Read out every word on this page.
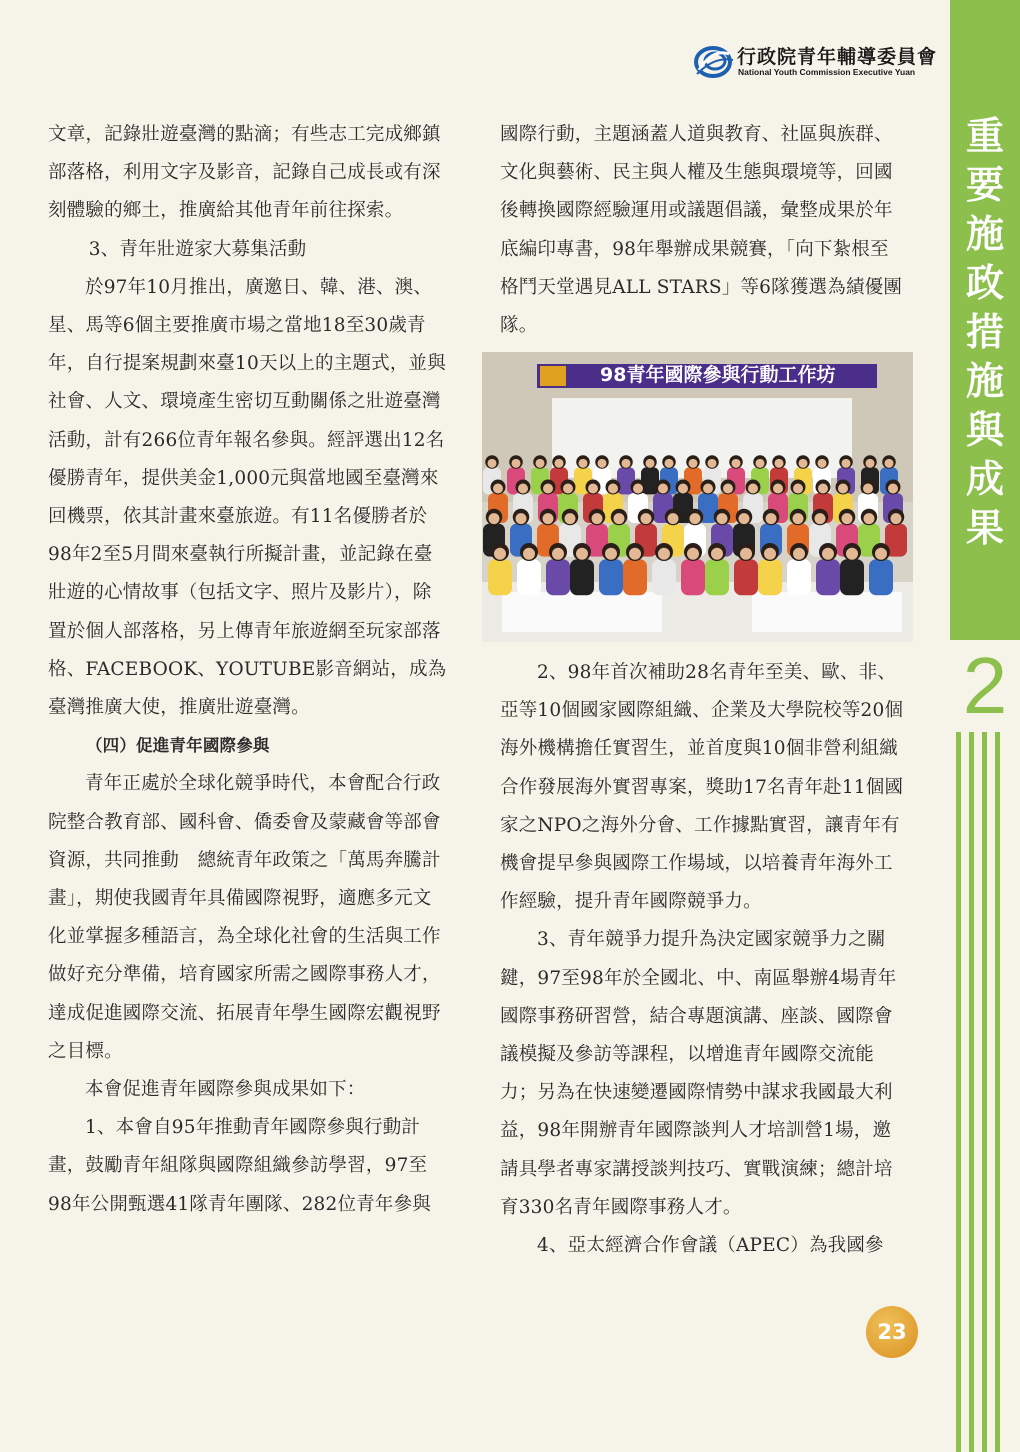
行政院青年輔導委員會
National Youth Commission Executive Yuan
重
要
施
政
措
施
與
成
果
2

文章，記錄壯遊臺灣的點滴；有些志工完成鄉鎮部落格，利用文字及影音，記錄自己成長或有深刻體驗的鄉土，推廣給其他青年前往探索。

3、青年壯遊家大募集活動

於97年10月推出，廣邀日、韓、港、澳、星、馬等6個主要推廣市場之當地18至30歲青年，自行提案規劃來臺10天以上的主題式，並與社會、人文、環境產生密切互動關係之壯遊臺灣活動，計有266位青年報名參與。經評選出12名優勝青年，提供美金1,000元與當地國至臺灣來回機票，依其計畫來臺旅遊。有11名優勝者於98年2至5月間來臺執行所擬計畫，並記錄在臺壯遊的心情故事（包括文字、照片及影片），除置於個人部落格，另上傳青年旅遊網至玩家部落格、FACEBOOK、YOUTUBE影音網站，成為臺灣推廣大使，推廣壯遊臺灣。

（四）促進青年國際參與

青年正處於全球化競爭時代，本會配合行政院整合教育部、國科會、僑委會及蒙藏會等部會資源，共同推動　總統青年政策之「萬馬奔騰計畫」，期使我國青年具備國際視野，適應多元文化並掌握多種語言，為全球化社會的生活與工作做好充分準備，培育國家所需之國際事務人才，達成促進國際交流、拓展青年學生國際宏觀視野之目標。

本會促進青年國際參與成果如下：

1、本會自95年推動青年國際參與行動計畫，鼓勵青年組隊與國際組織參訪學習，97至98年公開甄選41隊青年團隊、282位青年參與

國際行動，主題涵蓋人道與教育、社區與族群、文化與藝術、民主與人權及生態與環境等，回國後轉換國際經驗運用或議題倡議，彙整成果於年底編印專書，98年舉辦成果競賽，「向下紮根至格鬥天堂遇見ALL STARS」等6隊獲選為績優團隊。

98青年國際參與行動工作坊

2、98年首次補助28名青年至美、歐、非、亞等10個國家國際組織、企業及大學院校等20個海外機構擔任實習生，並首度與10個非營利組織合作發展海外實習專案，獎助17名青年赴11個國家之NPO之海外分會、工作據點實習，讓青年有機會提早參與國際工作場域，以培養青年海外工作經驗，提升青年國際競爭力。

3、青年競爭力提升為決定國家競爭力之關鍵，97至98年於全國北、中、南區舉辦4場青年國際事務研習營，結合專題演講、座談、國際會議模擬及參訪等課程，以增進青年國際交流能力；另為在快速變遷國際情勢中謀求我國最大利益，98年開辦青年國際談判人才培訓營1場，邀請具學者專家講授談判技巧、實戰演練；總計培育330名青年國際事務人才。

4、亞太經濟合作會議（APEC）為我國參

23
